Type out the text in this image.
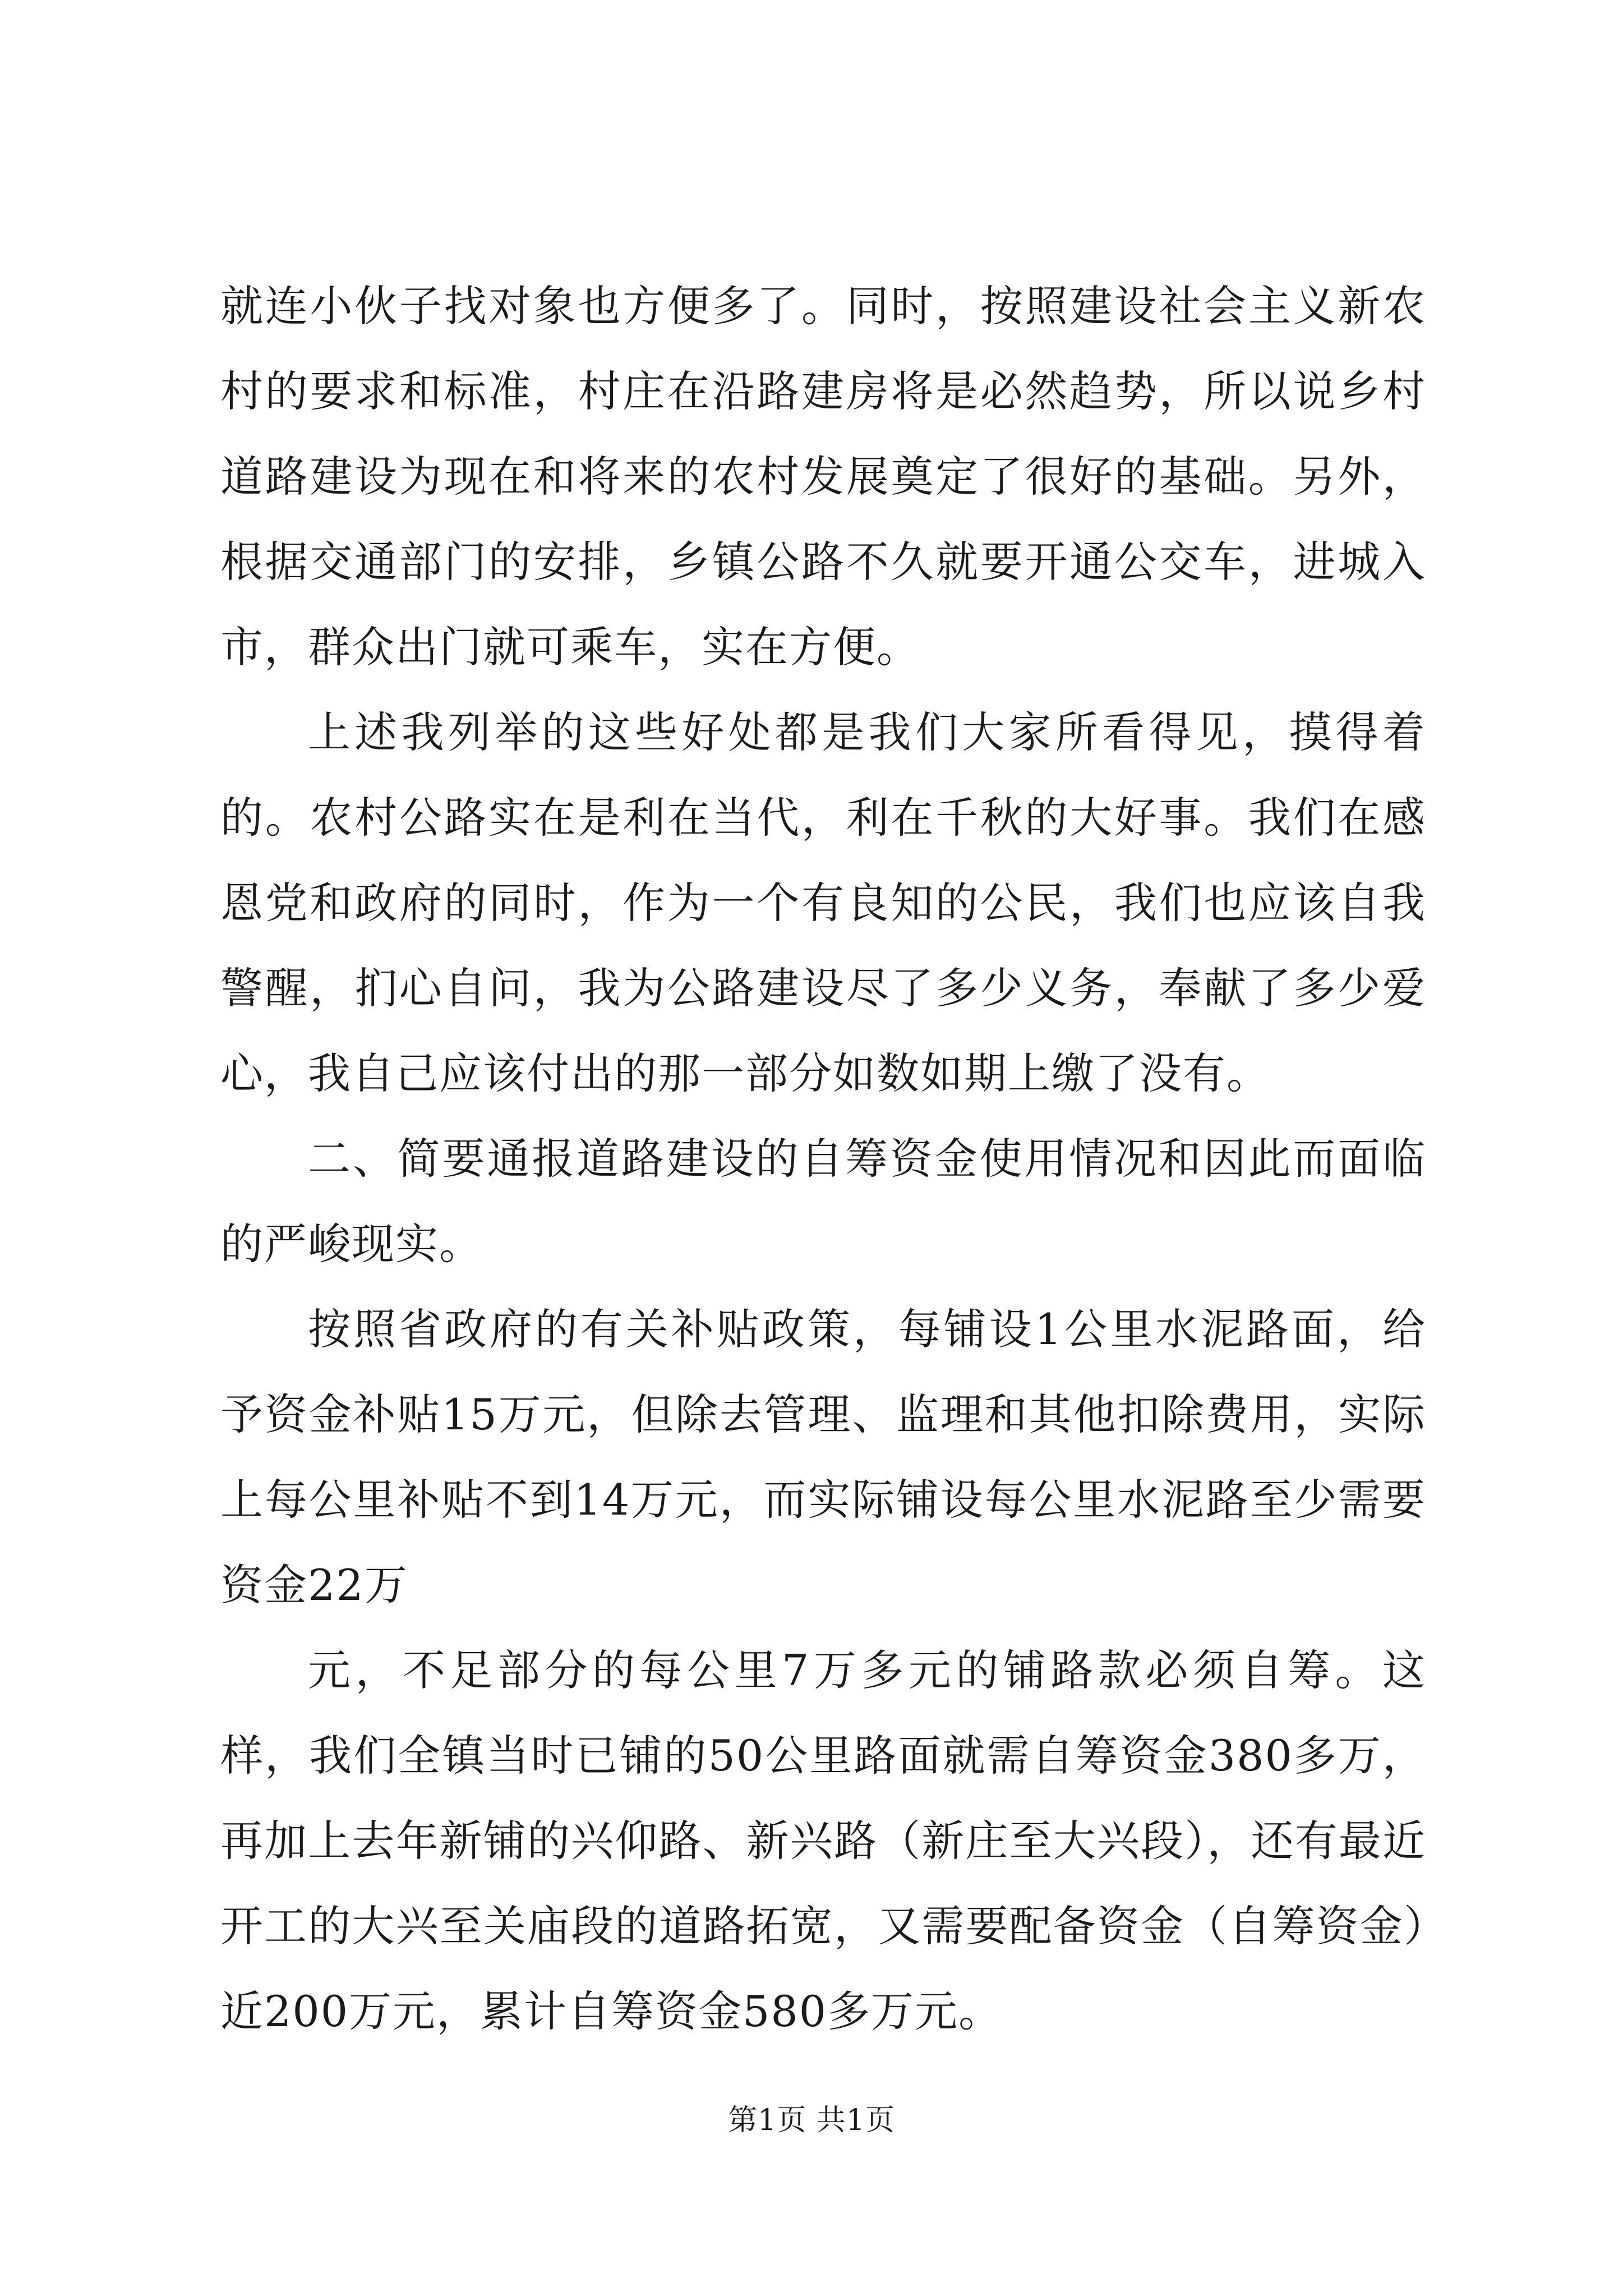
就连小伙子找对象也方便多了。同时，按照建设社会主义新农村的要求和标准，村庄在沿路建房将是必然趋势，所以说乡村道路建设为现在和将来的农村发展奠定了很好的基础。另外，根据交通部门的安排，乡镇公路不久就要开通公交车，进城入市，群众出门就可乘车，实在方便。

上述我列举的这些好处都是我们大家所看得见，摸得着的。农村公路实在是利在当代，利在千秋的大好事。我们在感恩党和政府的同时，作为一个有良知的公民，我们也应该自我警醒，扪心自问，我为公路建设尽了多少义务，奉献了多少爱心，我自己应该付出的那一部分如数如期上缴了没有。

二、简要通报道路建设的自筹资金使用情况和因此而面临的严峻现实。

按照省政府的有关补贴政策，每铺设1公里水泥路面，给予资金补贴15万元，但除去管理、监理和其他扣除费用，实际上每公里补贴不到14万元，而实际铺设每公里水泥路至少需要资金22万

元，不足部分的每公里7万多元的铺路款必须自筹。这样，我们全镇当时已铺的50公里路面就需自筹资金380多万，再加上去年新铺的兴仰路、新兴路（新庄至大兴段），还有最近开工的大兴至关庙段的道路拓宽，又需要配备资金（自筹资金）近200万元，累计自筹资金580多万元。

第1页 共1页
